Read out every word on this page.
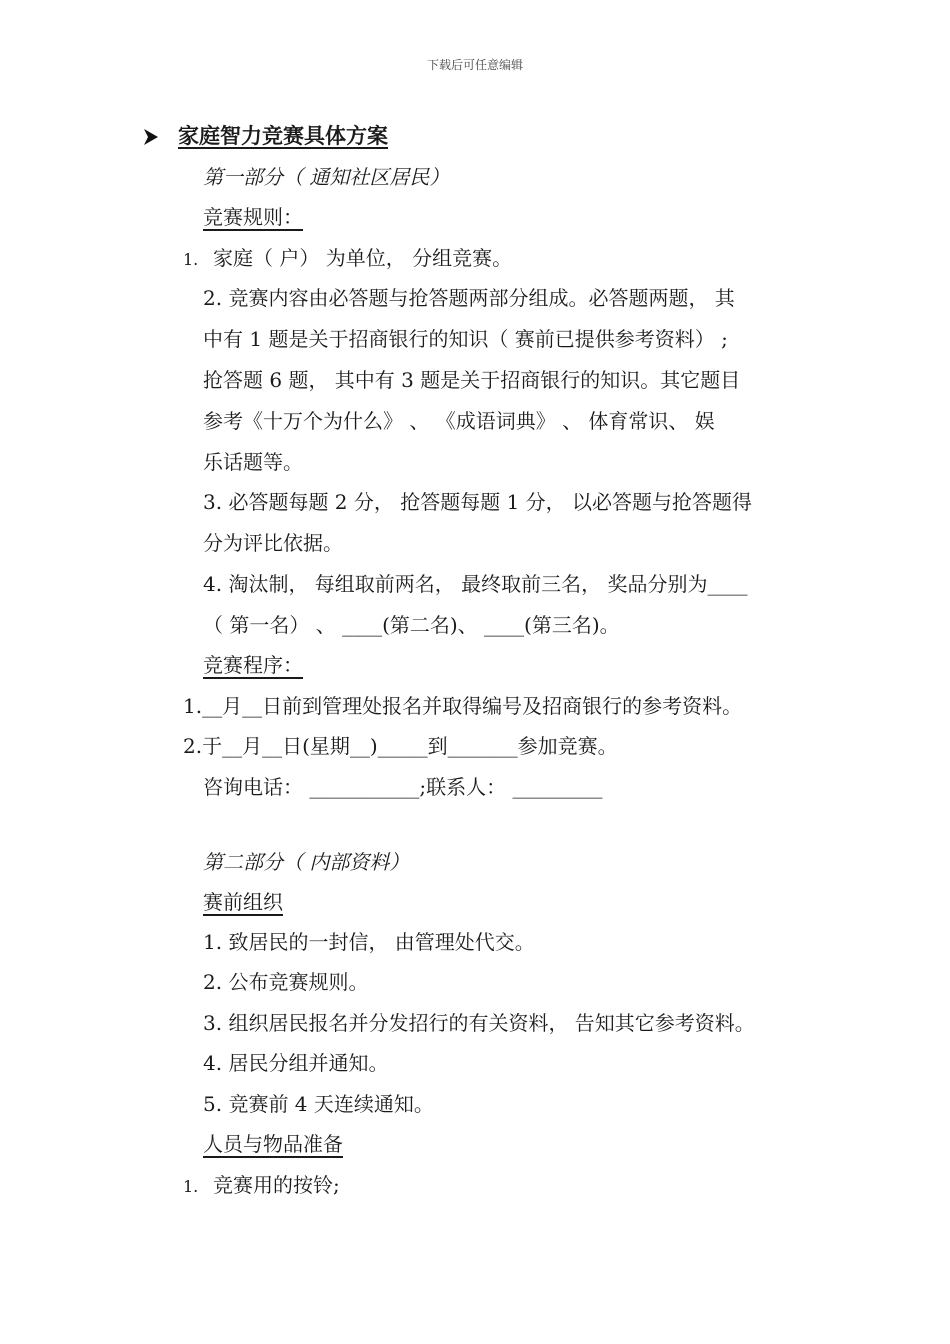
下载后可任意编辑
家庭智力竞赛具体方案
第一部分（ 通知社区居民）
竞赛规则：
1. 家庭（ 户） 为单位， 分组竞赛。
2. 竞赛内容由必答题与抢答题两部分组成。必答题两题， 其
中有 1 题是关于招商银行的知识（ 赛前已提供参考资料） ;
抢答题 6 题， 其中有 3 题是关于招商银行的知识。其它题目
参考《十万个为什么》 、 《成语词典》 、 体育常识、 娱
乐话题等。
3. 必答题每题 2 分， 抢答题每题 1 分， 以必答题与抢答题得
分为评比依据。
4. 淘汰制， 每组取前两名， 最终取前三名， 奖品分别为____
（ 第一名） 、 ____(第二名)、 ____(第三名)。
竞赛程序：
1.__月__日前到管理处报名并取得编号及招商银行的参考资料。
2.于__月__日(星期__)_____到_______参加竞赛。
咨询电话： ___________;联系人： _________
第二部分（ 内部资料）
赛前组织
1. 致居民的一封信， 由管理处代交。
2. 公布竞赛规则。
3. 组织居民报名并分发招行的有关资料， 告知其它参考资料。
4. 居民分组并通知。
5. 竞赛前 4 天连续通知。
人员与物品准备
1. 竞赛用的按铃;
